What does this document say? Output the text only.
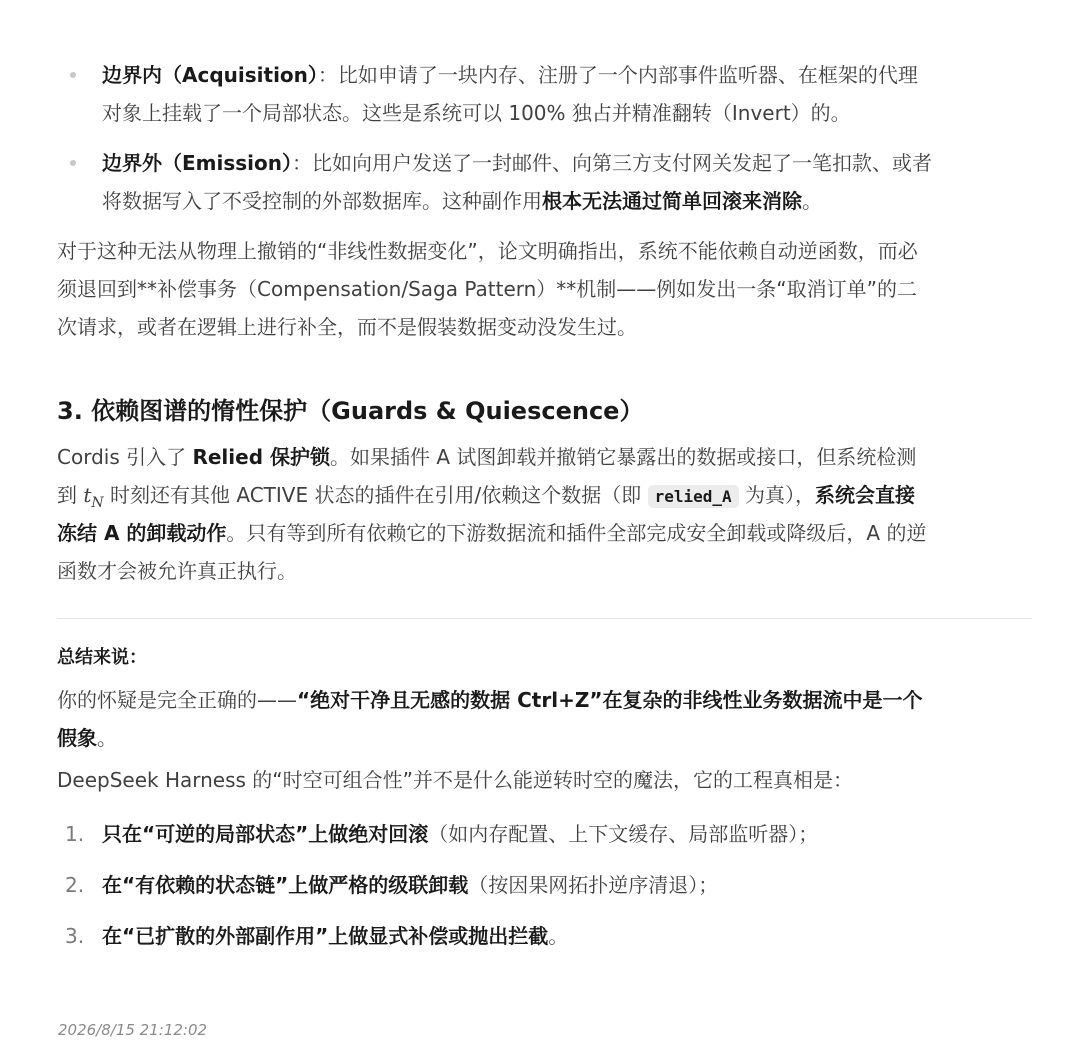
边界内（Acquisition）：比如申请了一块内存、注册了一个内部事件监听器、在框架的代理
对象上挂载了一个局部状态。这些是系统可以 100% 独占并精准翻转（Invert）的。
边界外（Emission）：比如向用户发送了一封邮件、向第三方支付网关发起了一笔扣款、或者
将数据写入了不受控制的外部数据库。这种副作用根本无法通过简单回滚来消除。
对于这种无法从物理上撤销的“非线性数据变化”，论文明确指出，系统不能依赖自动逆函数，而必
须退回到**补偿事务（Compensation/Saga Pattern）**机制——例如发出一条“取消订单”的二
次请求，或者在逻辑上进行补全，而不是假装数据变动没发生过。
3. 依赖图谱的惰性保护（Guards & Quiescence）
Cordis 引入了 Relied 保护锁。如果插件 A 试图卸载并撤销它暴露出的数据或接口，但系统检测
到 $t_N$ 时刻还有其他 ACTIVE 状态的插件在引用/依赖这个数据（即 relied_A 为真），系统会直接
冻结 A 的卸载动作。只有等到所有依赖它的下游数据流和插件全部完成安全卸载或降级后，A 的逆
函数才会被允许真正执行。
总结来说：
你的怀疑是完全正确的——“绝对干净且无感的数据 Ctrl+Z”在复杂的非线性业务数据流中是一个
假象。
DeepSeek Harness 的“时空可组合性”并不是什么能逆转时空的魔法，它的工程真相是：
1. 只在“可逆的局部状态”上做绝对回滚（如内存配置、上下文缓存、局部监听器）；
2. 在“有依赖的状态链”上做严格的级联卸载（按因果网拓扑逆序清退）；
3. 在“已扩散的外部副作用”上做显式补偿或抛出拦截。
2026/8/15 21:12:02
